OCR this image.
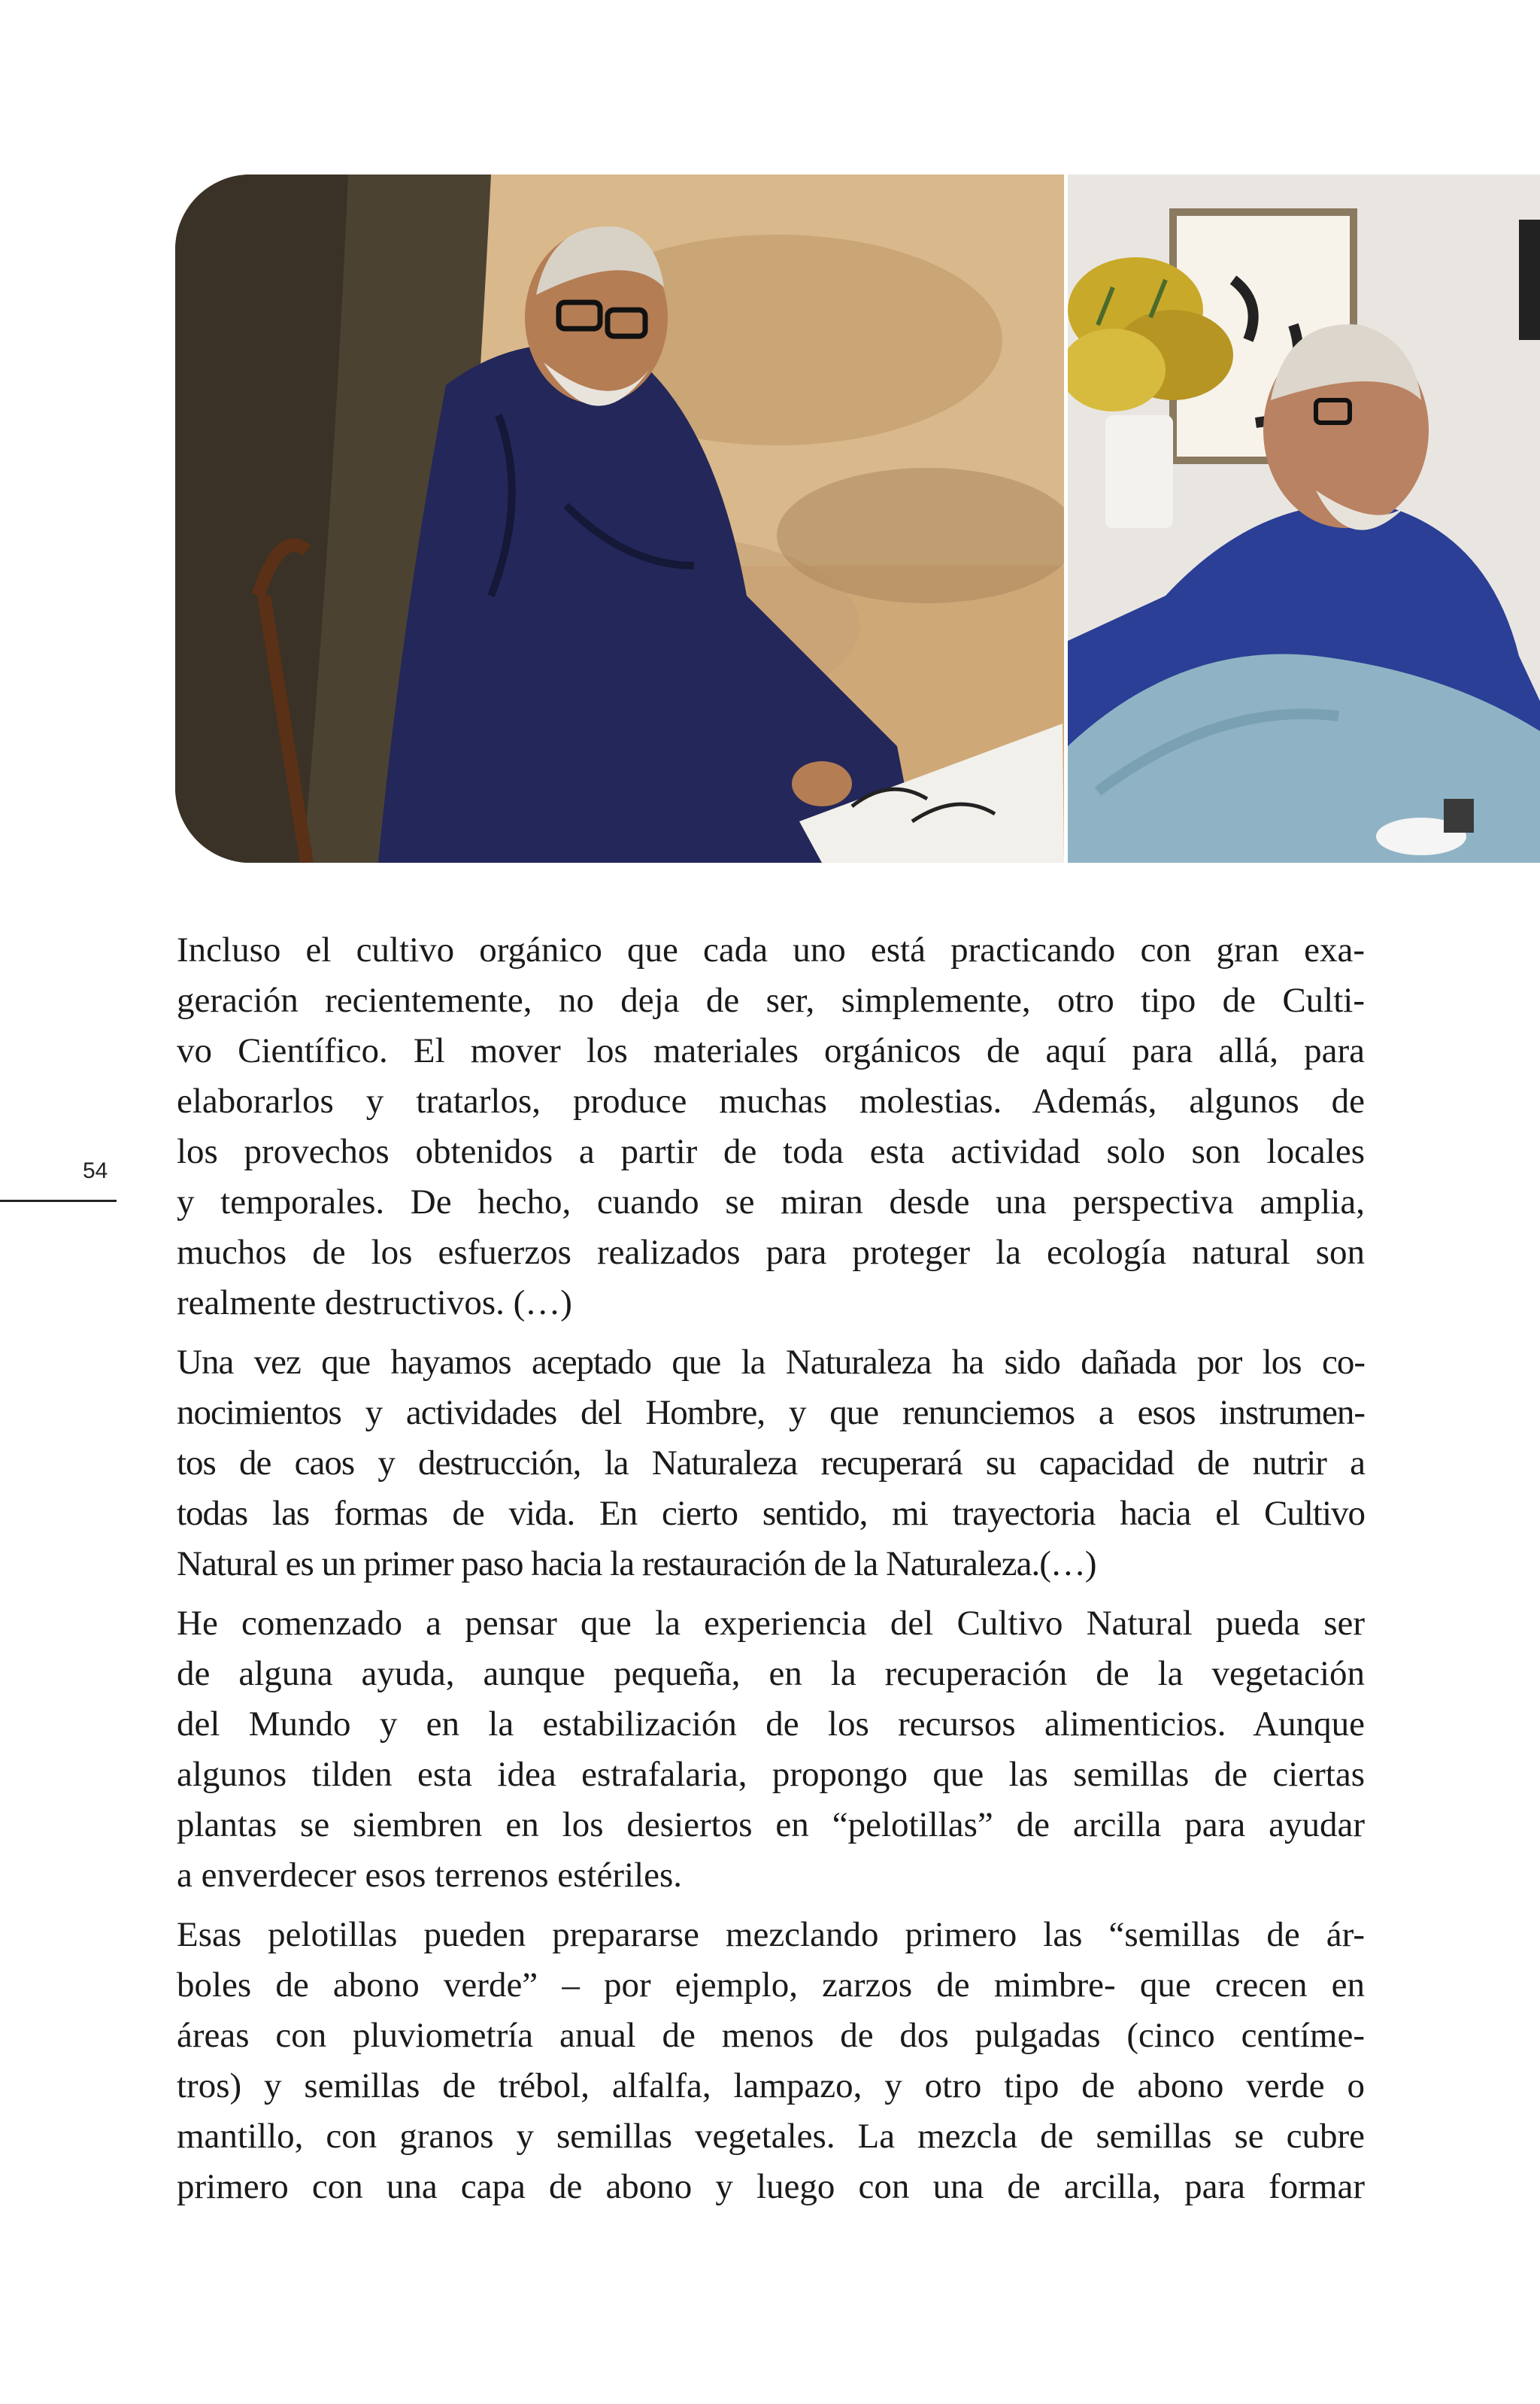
54
Incluso el cultivo orgánico que cada uno está practicando con gran exa-
geración recientemente, no deja de ser, simplemente, otro tipo de Culti-
vo Científico. El mover los materiales orgánicos de aquí para allá, para
elaborarlos y tratarlos, produce muchas molestias. Además, algunos de
los provechos obtenidos a partir de toda esta actividad solo son locales
y temporales. De hecho, cuando se miran desde una perspectiva amplia,
muchos de los esfuerzos realizados para proteger la ecología natural son
realmente destructivos. (…)
Una vez que hayamos aceptado que la Naturaleza ha sido dañada por los co-
nocimientos y actividades del Hombre, y que renunciemos a esos instrumen-
tos de caos y destrucción, la Naturaleza recuperará su capacidad de nutrir a
todas las formas de vida. En cierto sentido, mi trayectoria hacia el Cultivo
Natural es un primer paso hacia la restauración de la Naturaleza.(…)
He comenzado a pensar que la experiencia del Cultivo Natural pueda ser
de alguna ayuda, aunque pequeña, en la recuperación de la vegetación
del Mundo y en la estabilización de los recursos alimenticios. Aunque
algunos tilden esta idea estrafalaria, propongo que las semillas de ciertas
plantas se siembren en los desiertos en “pelotillas” de arcilla para ayudar
a enverdecer esos terrenos estériles.
Esas pelotillas pueden prepararse mezclando primero las “semillas de ár-
boles de abono verde” – por ejemplo, zarzos de mimbre- que crecen en
áreas con pluviometría anual de menos de dos pulgadas (cinco centíme-
tros) y semillas de trébol, alfalfa, lampazo, y otro tipo de abono verde o
mantillo, con granos y semillas vegetales. La mezcla de semillas se cubre
primero con una capa de abono y luego con una de arcilla, para formar
